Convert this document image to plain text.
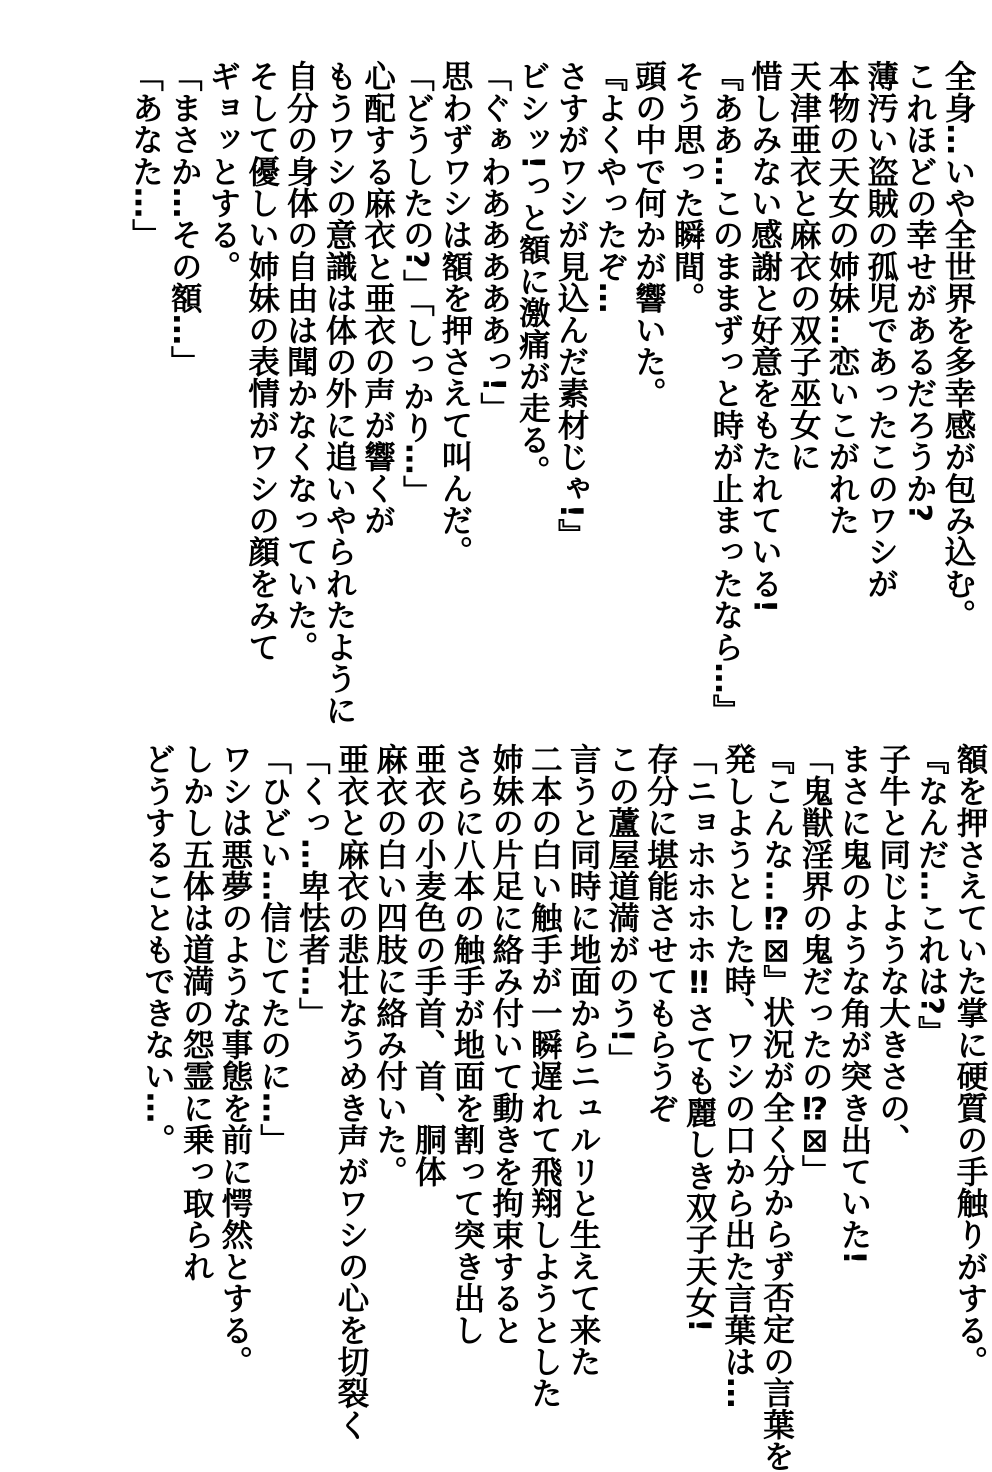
全身…いや全世界を多幸感が包み込む。
これほどの幸せがあるだろうか?
薄汚い盗賊の孤児であったこのワシが
本物の天女の姉妹…恋いこがれた
天津亜衣と麻衣の双子巫女に
惜しみない感謝と好意をもたれている!
『ああ…このままずっと時が止まったなら…』
そう思った瞬間。
頭の中で何かが響いた。
『よくやったぞ…
さすがワシが見込んだ素材じゃ!』
ビシッ!っと額に激痛が走る。
「ぐぁわあああああっ!」
思わずワシは額を押さえて叫んだ。
「どうしたの?」「しっかり…」
心配する麻衣と亜衣の声が響くが
もうワシの意識は体の外に追いやられたように
自分の身体の自由は聞かなくなっていた。
そして優しい姉妹の表情がワシの顔をみて
ギョッとする。
「まさか…その額…」
「あなた…」
額を押さえていた掌に硬質の手触りがする。
『なんだ…これは?』
子牛と同じような大きさの、
まさに鬼のような角が突き出ていた!
「鬼獣淫界の鬼だったの⁉︎⊠」
『こんな…⁉︎⊠』状況が全く分からず否定の言葉を
発しようとした時、ワシの口から出た言葉は…
「ニョホホホホ‼︎さても麗しき双子天女!
存分に堪能させてもらうぞ
この蘆屋道満がのう!」
言うと同時に地面からニュルリと生えて来た
二本の白い触手が一瞬遅れて飛翔しようとした
姉妹の片足に絡み付いて動きを拘束すると
さらに八本の触手が地面を割って突き出し
亜衣の小麦色の手首、首、胴体
麻衣の白い四肢に絡み付いた。
亜衣と麻衣の悲壮なうめき声がワシの心を切裂く
「くっ…卑怯者…」
「ひどい…信じてたのに…」
ワシは悪夢のような事態を前に愕然とする。
しかし五体は道満の怨霊に乗っ取られ
どうすることもできない…。
